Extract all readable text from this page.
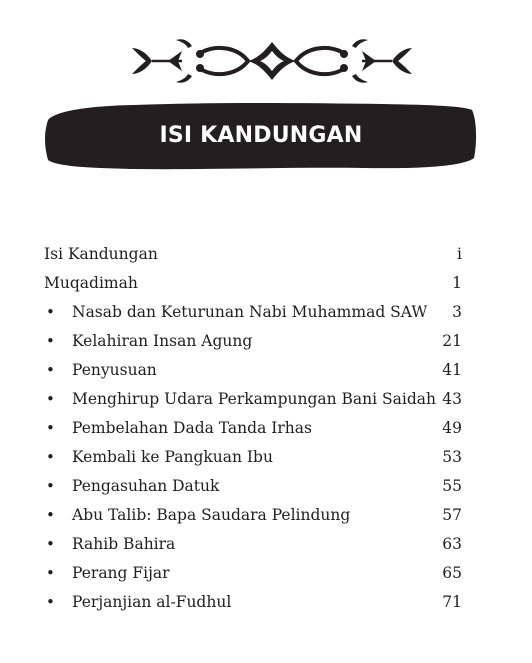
ISI KANDUNGAN
Isi Kandungan	i
Muqadimah	1
• Nasab dan Keturunan Nabi Muhammad SAW 3
• Kelahiran Insan Agung	21
• Penyusuan	41
• Menghirup Udara Perkampungan Bani Saidah 43
• Pembelahan Dada Tanda Irhas	49
• Kembali ke Pangkuan Ibu	53
• Pengasuhan Datuk	55
• Abu Talib: Bapa Saudara Pelindung	57
• Rahib Bahira	63
• Perang Fijar	65
• Perjanjian al-Fudhul	71
